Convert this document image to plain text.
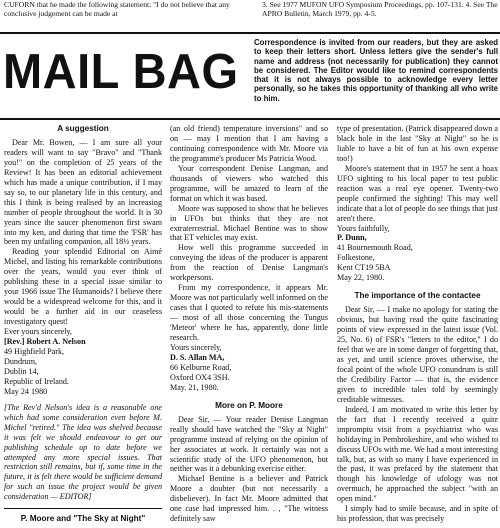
CUFORN that he made the following statement: "I do not believe that any conclusive judgement can be made at
3. See 1977 MUFON UFO Symposium Proceedings, pp. 107-131. 4. See The APRO Bulletin, March 1979, pp. 4-5.
MAIL BAG
Correspondence is invited from our readers, but they are asked to keep their letters short. Unless letters give the sender's full name and address (not necessarily for publication) they cannot be considered. The Editor would like to remind correspondents that it is not always possible to acknowledge every letter personally, so he takes this opportunity of thanking all who write to him.
A suggestion

Dear Mr. Bowen, — I am sure all your readers will want to say "Bravo" and "Thank you!" on the completion of 25 years of the Review! It has been an editorial achievement which has made a unique contribution, if I may say so, to our planetary life in this century, and this I think is being realised by an increasing number of people throughout the world. It is 30 years since the saucer phenomenon first swam into my ken, and during that time the 'FSR' has been my unfailing companion, all 18½ years.

Reading your splendid Editorial on Aimé Michel, and listing his remarkable contributions over the years, would you ever think of publishing these in a special issue similar to your 1966 issue The Humanoids? I believe there would be a widespread welcome for this, and it would be a further aid in our ceaseless investigatory quest!

Ever yours sincerely,
[Rev.] Robert A. Nelson
49 Highfield Park,
Dundrum,
Dublin 14,
Republic of Ireland.
May 24 1980

[The Rev'd Nelson's idea is a reasonable one which had some consideration even before M. Michel "retired." The idea was shelved because it was felt we should endeavour to get our publishing schedule up to date before we attempted any more special issues. That restriction still remains, but if, some time in the future, it is felt there would be sufficient demand for such an issue the project would be given consideration — EDITOR]

P. Moore and "The Sky at Night"

(an old friend) temperature inversions" and so on — may I mention that I am having a continuing correspondence with Mr. Moore via the programme's producer Ms Patricia Wood.

Your correspondent Denise Langman, and thousands of viewers who watched this programme, will be amazed to learn of the format on which it was based.

Moore was supposed to show that he believes in UFOs but thinks that they are not extraterrestrial. Michael Bentine was to show that ET vehicles may exist.

How well this programme succeeded in conveying the ideas of the producer is apparent from the reaction of Denise Langman's workpersons.

From my correspondence, it appears Mr. Moore was not particularly well informed on the cases that I quoted to refute his mis-statements — most of all those concerning the Tungus 'Meteor' where he has, apparently, done little research.

Yours sincerely,
D. S. Allan MA,
66 Kelburne Road,
Oxford OX4 3SH.
May. 21, 1980.
More on P. Moore

Dear Sir, — Your reader Denise Langman really should have watched the "Sky at Night" programme instead of relying on the opinion of her associates at work. It certainly was not a scientific study of the UFO phenomenon, but neither was it a debunking exercise either.

Michael Bentine is a believer and Patrick Moore a doubter (but not necessarily a disbeliever). In fact Mr. Moore admitted that one case had impressed him. . , "The witness definitely saw

type of presentation. (Patrick disappeared down a black hole in the last "Sky at Night" so he is liable to have a bit of fun at his own expense too!)

Moore's statement that in 1957 he sent a hoax UFO sighting to his local paper to test public reaction was a real eye opener. Twenty-two people confirmed the sighting! This may well indicate that a lot of people do see things that just aren't there.

Yours faithfully,
P. Dunn,
41 Bournemouth Road,
Folkestone,
Kent CT19 5BA
May 22, 1980.
The importance of the contactee

Dear Sir, — I make no apology for stating the obvious, but having read the quite fascinating points of view expressed in the latest issue (Vol. 25, No. 6) of FSR's "letters to the editor," I do feel that we are in some danger of forgetting that, as yet, and until science proves otherwise, the focal point of the whole UFO conundrum is still the Credibility Factor — that is, the evidence given to incredible tales told by seemingly creditable witnesses.

Indeed, I am motivated to write this letter by the fact that I recently received a quite impromptu visit from a psychiatrist who was holidaying in Pembrokeshire, and who wished to discuss UFOs with me. We had a most interesting talk, but, as with so many I have experienced in the past, it was prefaced by the statement that though his knowledge of ufology was not overmuch, he approached the subject "with an open mind."

I simply had to smile because, and in spite of his profession, that was precisely
